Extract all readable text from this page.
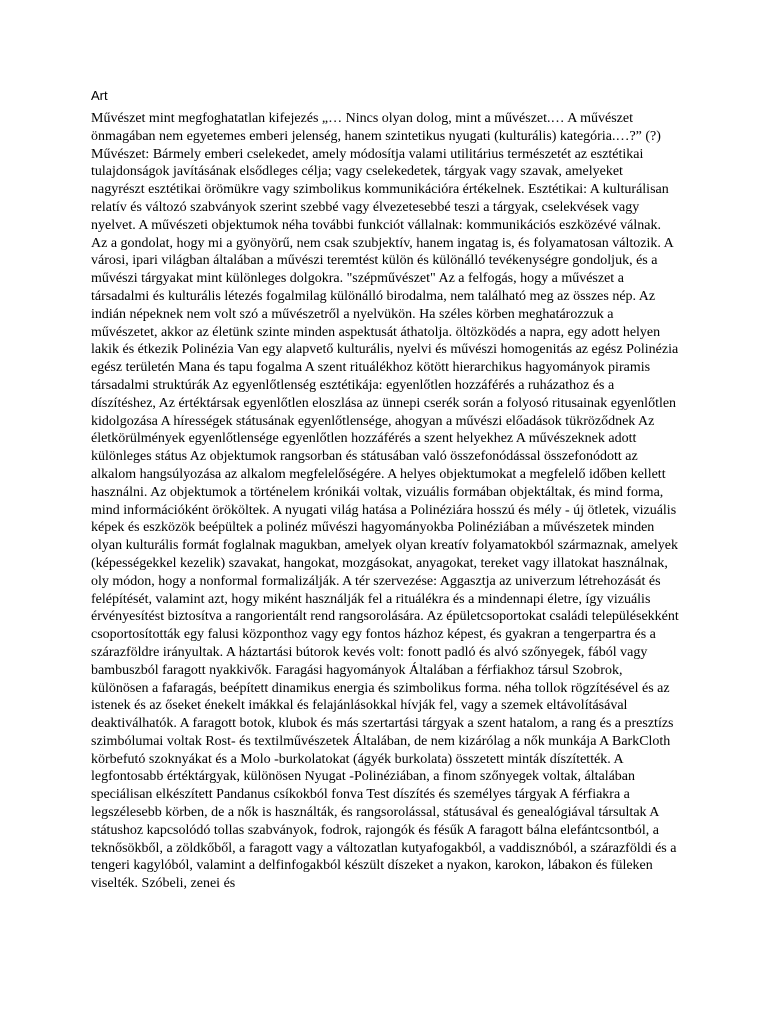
Art

Művészet mint megfoghatatlan kifejezés „… Nincs olyan dolog, mint a művészet.… A művészet önmagában nem egyetemes emberi jelenség, hanem szintetikus nyugati (kulturális) kategória.…?” (?) Művészet: Bármely emberi cselekedet, amely módosítja valami utilitárius természetét az esztétikai tulajdonságok javításának elsődleges célja; vagy cselekedetek, tárgyak vagy szavak, amelyeket nagyrészt esztétikai örömükre vagy szimbolikus kommunikációra értékelnek. Esztétikai: A kulturálisan relatív és változó szabványok szerint szebbé vagy élvezetesebbé teszi a tárgyak, cselekvések vagy nyelvet. A művészeti objektumok néha további funkciót vállalnak: kommunikációs eszközévé válnak. Az a gondolat, hogy mi a gyönyörű, nem csak szubjektív, hanem ingatag is, és folyamatosan változik. A városi, ipari világban általában a művészi teremtést külön és különálló tevékenységre gondoljuk, és a művészi tárgyakat mint különleges dolgokra. "szépművészet" Az a felfogás, hogy a művészet a társadalmi és kulturális létezés fogalmilag különálló birodalma, nem található meg az összes nép. Az indián népeknek nem volt szó a művészetről a nyelvükön. Ha széles körben meghatározzuk a művészetet, akkor az életünk szinte minden aspektusát áthatolja. öltözködés a napra, egy adott helyen lakik és étkezik Polinézia Van egy alapvető kulturális, nyelvi és művészi homogenitás az egész Polinézia egész területén Mana és tapu fogalma A szent rituálékhoz kötött hierarchikus hagyományok piramis társadalmi struktúrák Az egyenlőtlenség esztétikája: egyenlőtlen hozzáférés a ruházathoz és a díszítéshez, Az értéktársak egyenlőtlen eloszlása az ünnepi cserék során a folyosó ritusainak egyenlőtlen kidolgozása A hírességek státusának egyenlőtlensége, ahogyan a művészi előadások tükröződnek Az életkörülmények egyenlőtlensége egyenlőtlen hozzáférés a szent helyekhez A művészeknek adott különleges státus Az objektumok rangsorban és státusában való összefonódással összefonódott az alkalom hangsúlyozása az alkalom megfelelőségére. A helyes objektumokat a megfelelő időben kellett használni. Az objektumok a történelem krónikái voltak, vizuális formában objektáltak, és mind forma, mind információként örököltek. A nyugati világ hatása a Polinéziára hosszú és mély - új ötletek, vizuális képek és eszközök beépültek a polinéz művészi hagyományokba Polinéziában a művészetek minden olyan kulturális formát foglalnak magukban, amelyek olyan kreatív folyamatokból származnak, amelyek (képességekkel kezelik) szavakat, hangokat, mozgásokat, anyagokat, tereket vagy illatokat használnak, oly módon, hogy a nonformal formalizálják. A tér szervezése: Aggasztja az univerzum létrehozását és felépítését, valamint azt, hogy miként használják fel a rituálékra és a mindennapi életre, így vizuális érvényesítést biztosítva a rangorientált rend rangsorolására. Az épületcsoportokat családi településekként csoportosították egy falusi központhoz vagy egy fontos házhoz képest, és gyakran a tengerpartra és a szárazföldre irányultak. A háztartási bútorok kevés volt: fonott padló és alvó szőnyegek, fából vagy bambuszból faragott nyakkivők. Faragási hagyományok Általában a férfiakhoz társul Szobrok, különösen a fafaragás, beépített dinamikus energia és szimbolikus forma. néha tollok rögzítésével és az istenek és az őseket énekelt imákkal és felajánlásokkal hívják fel, vagy a szemek eltávolításával deaktiválhatók. A faragott botok, klubok és más szertartási tárgyak a szent hatalom, a rang és a presztízs szimbólumai voltak Rost- és textilművészetek Általában, de nem kizárólag a nők munkája A BarkCloth körbefutó szoknyákat és a Molo -burkolatokat (ágyék burkolata) összetett minták díszítették. A legfontosabb értéktárgyak, különösen Nyugat -Polinéziában, a finom szőnyegek voltak, általában speciálisan elkészített Pandanus csíkokból fonva Test díszítés és személyes tárgyak A férfiakra a legszélesebb körben, de a nők is használták, és rangsorolással, státusával és genealógiával társultak A státushoz kapcsolódó tollas szabványok, fodrok, rajongók és fésűk A faragott bálna elefántcsontból, a teknősökből, a zöldkőből, a faragott vagy a változatlan kutyafogakból, a vaddisznóból, a szárazföldi és a tengeri kagylóból, valamint a delfinfogakból készült díszeket a nyakon, karokon, lábakon és füleken viselték. Szóbeli, zenei és
